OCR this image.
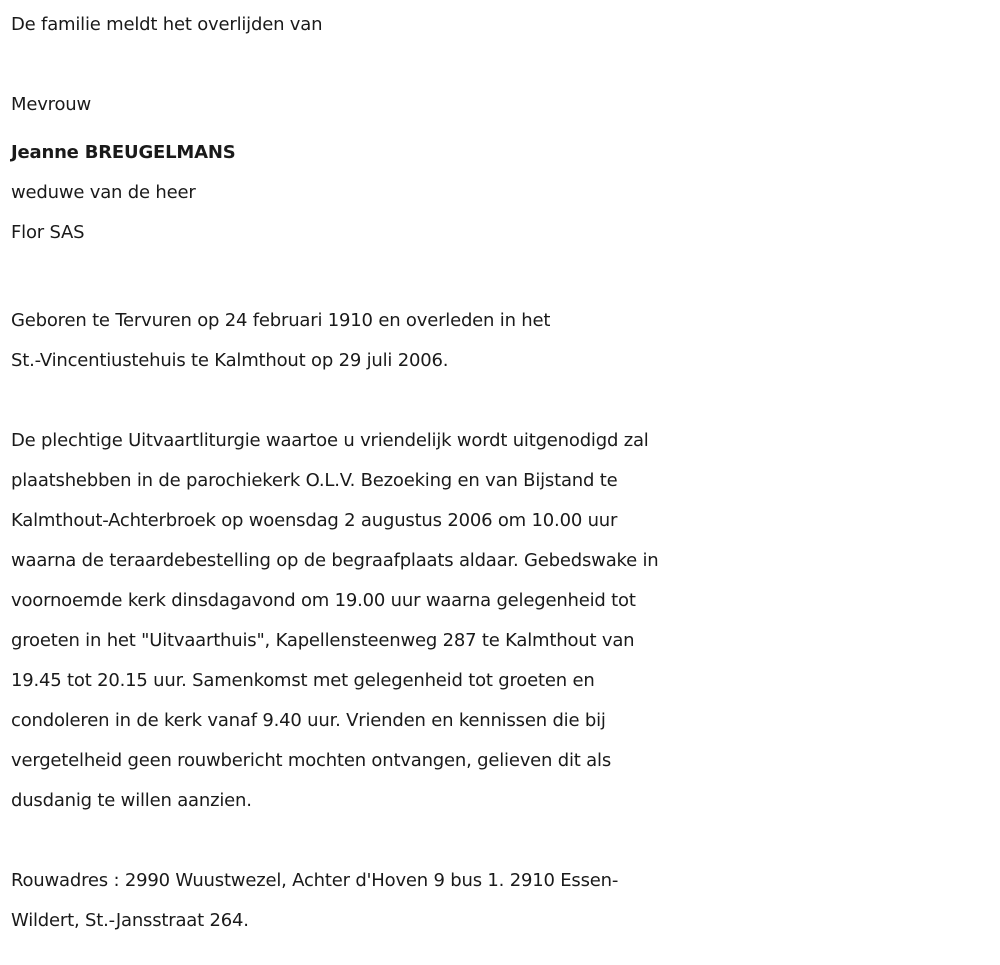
De familie meldt het overlijden van
Mevrouw
Jeanne BREUGELMANS
weduwe van de heer
Flor SAS
Geboren te Tervuren op 24 februari 1910 en overleden in het
St.-Vincentiustehuis te Kalmthout op 29 juli 2006.
De plechtige Uitvaartliturgie waartoe u vriendelijk wordt uitgenodigd zal
plaatshebben in de parochiekerk O.L.V. Bezoeking en van Bijstand te
Kalmthout-Achterbroek op woensdag 2 augustus 2006 om 10.00 uur
waarna de teraardebestelling op de begraafplaats aldaar. Gebedswake in
voornoemde kerk dinsdagavond om 19.00 uur waarna gelegenheid tot
groeten in het "Uitvaarthuis", Kapellensteenweg 287 te Kalmthout van
19.45 tot 20.15 uur. Samenkomst met gelegenheid tot groeten en
condoleren in de kerk vanaf 9.40 uur. Vrienden en kennissen die bij
vergetelheid geen rouwbericht mochten ontvangen, gelieven dit als
dusdanig te willen aanzien.
Rouwadres : 2990 Wuustwezel, Achter d'Hoven 9 bus 1. 2910 Essen-
Wildert, St.-Jansstraat 264.
